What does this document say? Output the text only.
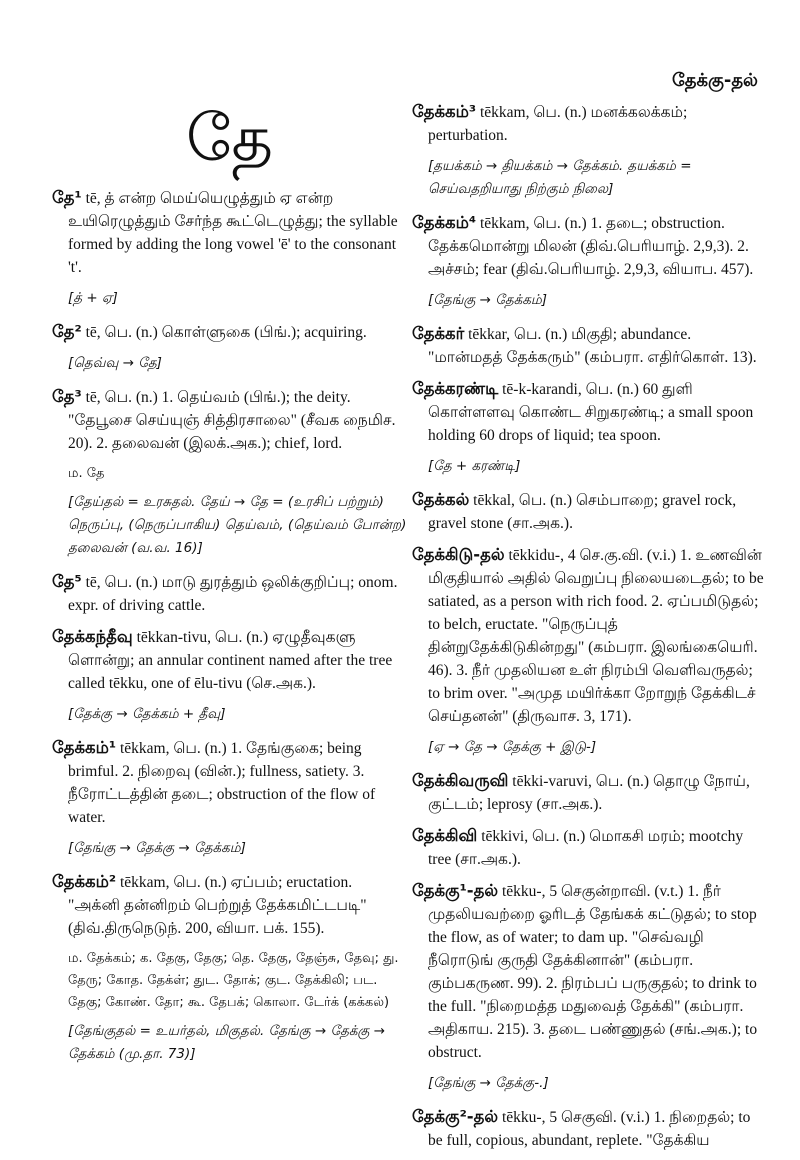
தேக்கு-தல்
தே
தே¹ tē, த் என்ற மெய்யெழுத்தும் ஏ என்ற உயிரெழுத்தும் சேர்ந்த கூட்டெழுத்து; the syllable formed by adding the long vowel 'ē' to the consonant 't'.
[த் + ஏ]
தே² tē, பெ. (n.) கொள்ளுகை (பிங்.); acquiring.
[தெவ்வு → தே]
தே³ tē, பெ. (n.) 1. தெய்வம் (பிங்.); the deity. "தேபூசை செய்யுஞ் சித்திரசாலை" (சீவக நைமிச. 20). 2. தலைவன் (இலக்.அக.); chief, lord.
ம. தே
[தேய்தல் = உரசுதல். தேய் → தே = (உரசிப் பற்றும்) நெருப்பு, (நெருப்பாகிய) தெய்வம், (தெய்வம் போன்ற) தலைவன் (வ.வ. 16)]
தே⁵ tē, பெ. (n.) மாடு துரத்தும் ஒலிக்குறிப்பு; onom. expr. of driving cattle.
தேக்கந்தீவு tēkkan-tivu, பெ. (n.) ஏழுதீவுகளு ளொன்று; an annular continent named after the tree called tēkku, one of ēlu-tivu (செ.அக.).
[தேக்கு → தேக்கம் + தீவு]
தேக்கம்¹ tēkkam, பெ. (n.) 1. தேங்குகை; being brimful. 2. நிறைவு (வின்.); fullness, satiety. 3. நீரோட்டத்தின் தடை; obstruction of the flow of water.
[தேங்கு → தேக்கு → தேக்கம்]
தேக்கம்² tēkkam, பெ. (n.) ஏப்பம்; eructation. "அக்னி தன்னிறம் பெற்றுத் தேக்கமிட்டபடி" (திவ்.திருநெடுந். 200, வியா. பக். 155).
ம. தேக்கம்; க. தேகு, தேகு; தெ. தேகு, தேஞ்சு, தேவு; து. தேரு; கோத. தேக்ள்; துட. தோக்; குட. தேக்கிலி; பட. தேகு; கோண். தோ; கூ. தேபக்; கொலா. டேர்க் (கக்கல்)
[தேங்குதல் = உயர்தல், மிகுதல். தேங்கு → தேக்கு → தேக்கம் (மு.தா. 73)]
தேக்கம்³ tēkkam, பெ. (n.) மனக்கலக்கம்; perturbation.
[தயக்கம் → தியக்கம் → தேக்கம். தயக்கம் = செய்வதறியாது நிற்கும் நிலை]
தேக்கம்⁴ tēkkam, பெ. (n.) 1. தடை; obstruction. தேக்கமொன்று மிலன் (திவ்.பெரியாழ். 2,9,3). 2. அச்சம்; fear (திவ்.பெரியாழ். 2,9,3, வியாப. 457).
[தேங்கு → தேக்கம்]
தேக்கர் tēkkar, பெ. (n.) மிகுதி; abundance. "மான்மதத் தேக்கரும்" (கம்பரா. எதிர்கொள். 13).
தேக்கரண்டி tē-k-karandi, பெ. (n.) 60 துளி கொள்ளளவு கொண்ட சிறுகரண்டி; a small spoon holding 60 drops of liquid; tea spoon.
[தே + கரண்டி]
தேக்கல் tēkkal, பெ. (n.) செம்பாறை; gravel rock, gravel stone (சா.அக.).
தேக்கிடு-தல் tēkkidu-, 4 செ.கு.வி. (v.i.) 1. உணவின் மிகுதியால் அதில் வெறுப்பு நிலையடைதல்; to be satiated, as a person with rich food. 2. ஏப்பமிடுதல்; to belch, eructate. "நெருப்புத் தின்றுதேக்கிடுகின்றது" (கம்பரா. இலங்கையெரி. 46). 3. நீர் முதலியன உள் நிரம்பி வெளிவருதல்; to brim over. "அமுத மயிர்க்கா றோறுந் தேக்கிடச் செய்தனன்" (திருவாச. 3, 171).
[ஏ → தே → தேக்கு + இடு-]
தேக்கிவருவி tēkki-varuvi, பெ. (n.) தொழு நோய், குட்டம்; leprosy (சா.அக.).
தேக்கிவி tēkkivi, பெ. (n.) மொகசி மரம்; mootchy tree (சா.அக.).
தேக்கு¹-தல் tēkku-, 5 செகுன்றாவி. (v.t.) 1. நீர் முதலியவற்றை ஓரிடத் தேங்கக் கட்டுதல்; to stop the flow, as of water; to dam up. "செவ்வழி நீரொடுங் குருதி தேக்கினான்" (கம்பரா. கும்பகருண. 99). 2. நிரம்பப் பருகுதல்; to drink to the full. "நிறைமத்த மதுவைத் தேக்கி" (கம்பரா. அதிகாய. 215). 3. தடை பண்ணுதல் (சங்.அக.); to obstruct.
[தேங்கு → தேக்கு-.]
தேக்கு²-தல் tēkku-, 5 செகுவி. (v.i.) 1. நிறைதல்; to be full, copious, abundant, replete. "தேக்கிய
